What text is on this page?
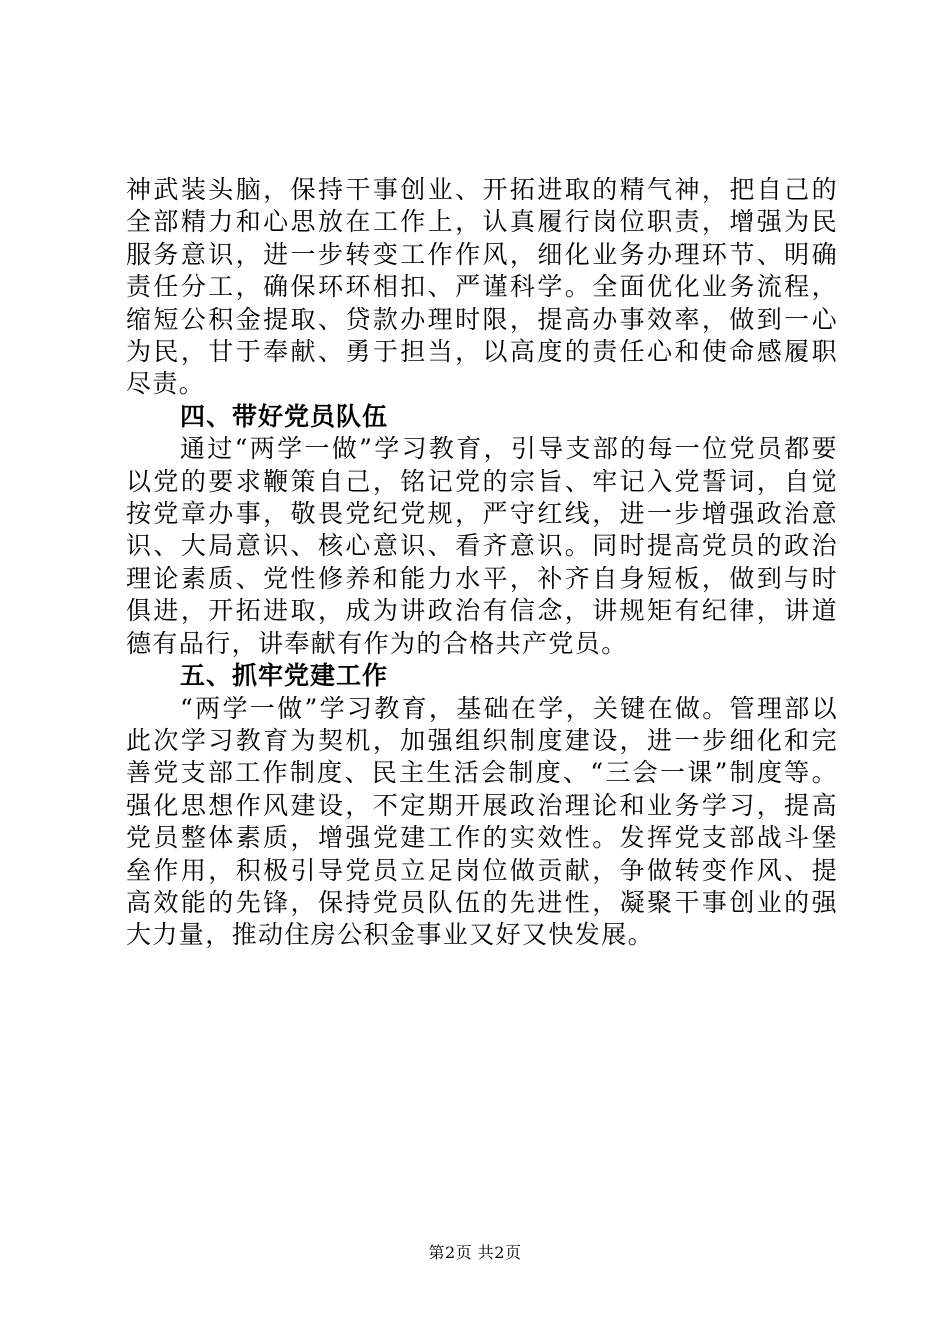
神武装头脑，保持干事创业、开拓进取的精气神，把自己的全部精力和心思放在工作上，认真履行岗位职责，增强为民服务意识，进一步转变工作作风，细化业务办理环节、明确责任分工，确保环环相扣、严谨科学。全面优化业务流程，缩短公积金提取、贷款办理时限，提高办事效率，做到一心为民，甘于奉献、勇于担当，以高度的责任心和使命感履职尽责。

四、带好党员队伍

通过“两学一做”学习教育，引导支部的每一位党员都要以党的要求鞭策自己，铭记党的宗旨、牢记入党誓词，自觉按党章办事，敬畏党纪党规，严守红线，进一步增强政治意识、大局意识、核心意识、看齐意识。同时提高党员的政治理论素质、党性修养和能力水平，补齐自身短板，做到与时俱进，开拓进取，成为讲政治有信念，讲规矩有纪律，讲道德有品行，讲奉献有作为的合格共产党员。

五、抓牢党建工作

“两学一做”学习教育，基础在学，关键在做。管理部以此次学习教育为契机，加强组织制度建设，进一步细化和完善党支部工作制度、民主生活会制度、“三会一课”制度等。强化思想作风建设，不定期开展政治理论和业务学习，提高党员整体素质，增强党建工作的实效性。发挥党支部战斗堡垒作用，积极引导党员立足岗位做贡献，争做转变作风、提高效能的先锋，保持党员队伍的先进性，凝聚干事创业的强大力量，推动住房公积金事业又好又快发展。

第2页 共2页
